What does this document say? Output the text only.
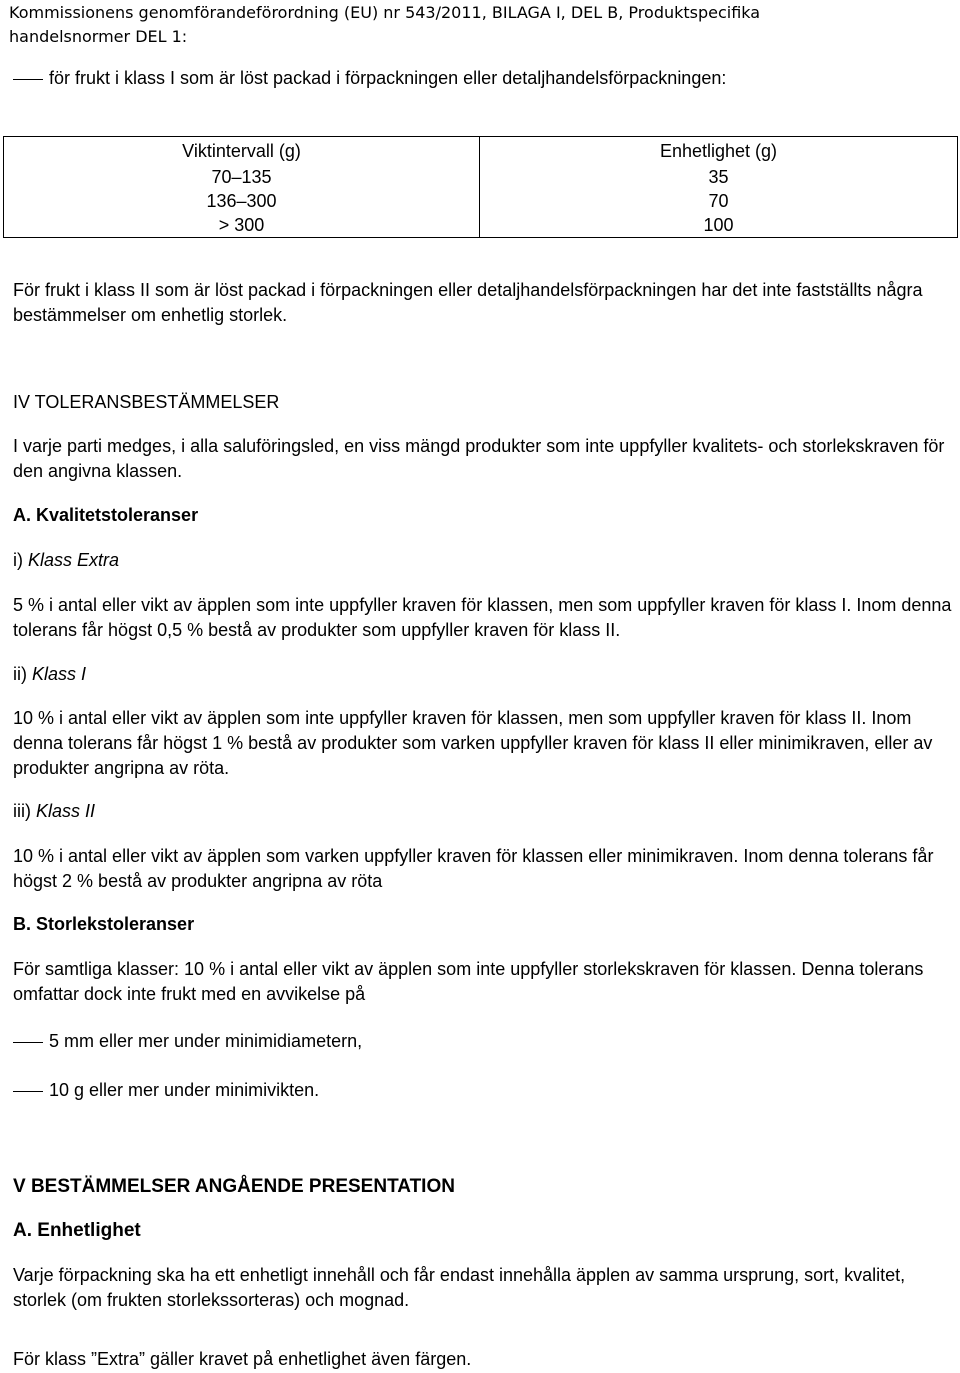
Kommissionens genomförandeförordning (EU) nr 543/2011, BILAGA I, DEL B, Produktspecifika
handelsnormer DEL 1:
för frukt i klass I som är löst packad i förpackningen eller detaljhandelsförpackningen:
Viktintervall (g)	Enhetlighet (g)
70–135	35
136–300	70
> 300	100
För frukt i klass II som är löst packad i förpackningen eller detaljhandelsförpackningen har det inte fastställts några bestämmelser om enhetlig storlek.
IV TOLERANSBESTÄMMELSER
I varje parti medges, i alla saluföringsled, en viss mängd produkter som inte uppfyller kvalitets- och storlekskraven för den angivna klassen.
A. Kvalitetstoleranser
i) Klass Extra
5 % i antal eller vikt av äpplen som inte uppfyller kraven för klassen, men som uppfyller kraven för klass I. Inom denna tolerans får högst 0,5 % bestå av produkter som uppfyller kraven för klass II.
ii) Klass I
10 % i antal eller vikt av äpplen som inte uppfyller kraven för klassen, men som uppfyller kraven för klass II. Inom denna tolerans får högst 1 % bestå av produkter som varken uppfyller kraven för klass II eller minimikraven, eller av produkter angripna av röta.
iii) Klass II
10 % i antal eller vikt av äpplen som varken uppfyller kraven för klassen eller minimikraven. Inom denna tolerans får högst 2 % bestå av produkter angripna av röta
B. Storlekstoleranser
För samtliga klasser: 10 % i antal eller vikt av äpplen som inte uppfyller storlekskraven för klassen. Denna tolerans omfattar dock inte frukt med en avvikelse på
5 mm eller mer under minimidiametern,
10 g eller mer under minimivikten.
V BESTÄMMELSER ANGÅENDE PRESENTATION
A. Enhetlighet
Varje förpackning ska ha ett enhetligt innehåll och får endast innehålla äpplen av samma ursprung, sort, kvalitet, storlek (om frukten storlekssorteras) och mognad.
För klass ”Extra” gäller kravet på enhetlighet även färgen.
